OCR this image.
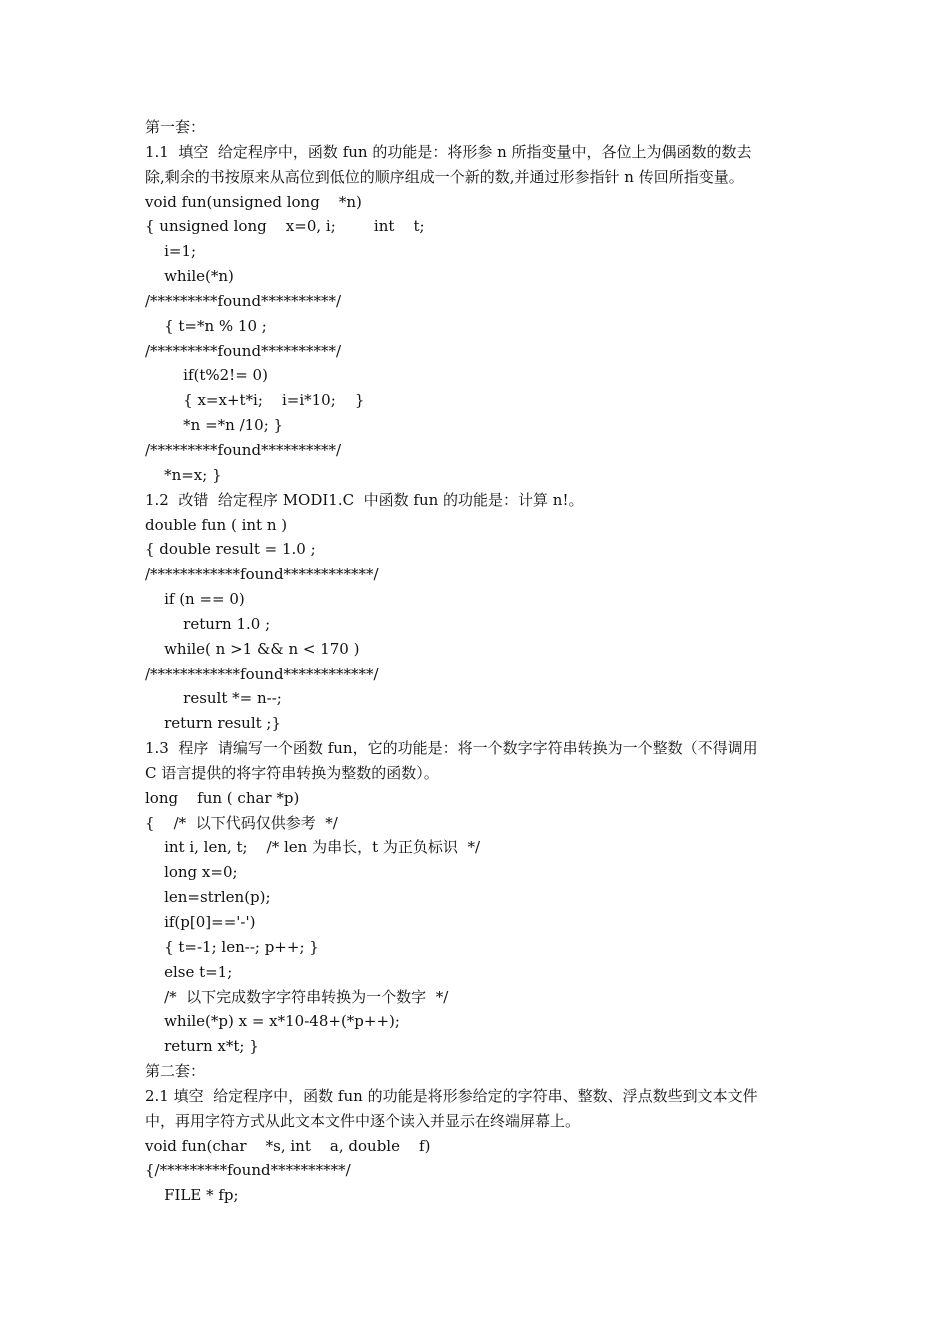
第一套：
1.1  填空  给定程序中，函数 fun 的功能是：将形参 n 所指变量中，各位上为偶函数的数去
除,剩余的书按原来从高位到低位的顺序组成一个新的数,并通过形参指针 n 传回所指变量。
void fun(unsigned long    *n)
{ unsigned long    x=0, i;        int    t;
i=1;
while(*n)
/*********found**********/
{ t=*n % 10 ;
/*********found**********/
if(t%2!= 0)
{ x=x+t*i;    i=i*10;    }
*n =*n /10; }
/*********found**********/
*n=x; }
1.2  改错  给定程序 MODI1.C  中函数 fun 的功能是：计算 n!。
double fun ( int n )
{ double result = 1.0 ;
/************found************/
if (n == 0)
return 1.0 ;
while( n >1 && n < 170 )
/************found************/
result *= n--;
return result ;}
1.3  程序  请编写一个函数 fun，它的功能是：将一个数字字符串转换为一个整数（不得调用
C 语言提供的将字符串转换为整数的函数）。
long    fun ( char *p)
{    /*  以下代码仅供参考  */
int i, len, t;    /* len 为串长，t 为正负标识  */
long x=0;
len=strlen(p);
if(p[0]=='-')
{ t=-1; len--; p++; }
else t=1;
/*  以下完成数字字符串转换为一个数字  */
while(*p) x = x*10-48+(*p++);
return x*t; }
第二套：
2.1 填空  给定程序中，函数 fun 的功能是将形参给定的字符串、整数、浮点数些到文本文件
中，再用字符方式从此文本文件中逐个读入并显示在终端屏幕上。
void fun(char    *s, int    a, double    f)
{/*********found**********/
FILE * fp;
